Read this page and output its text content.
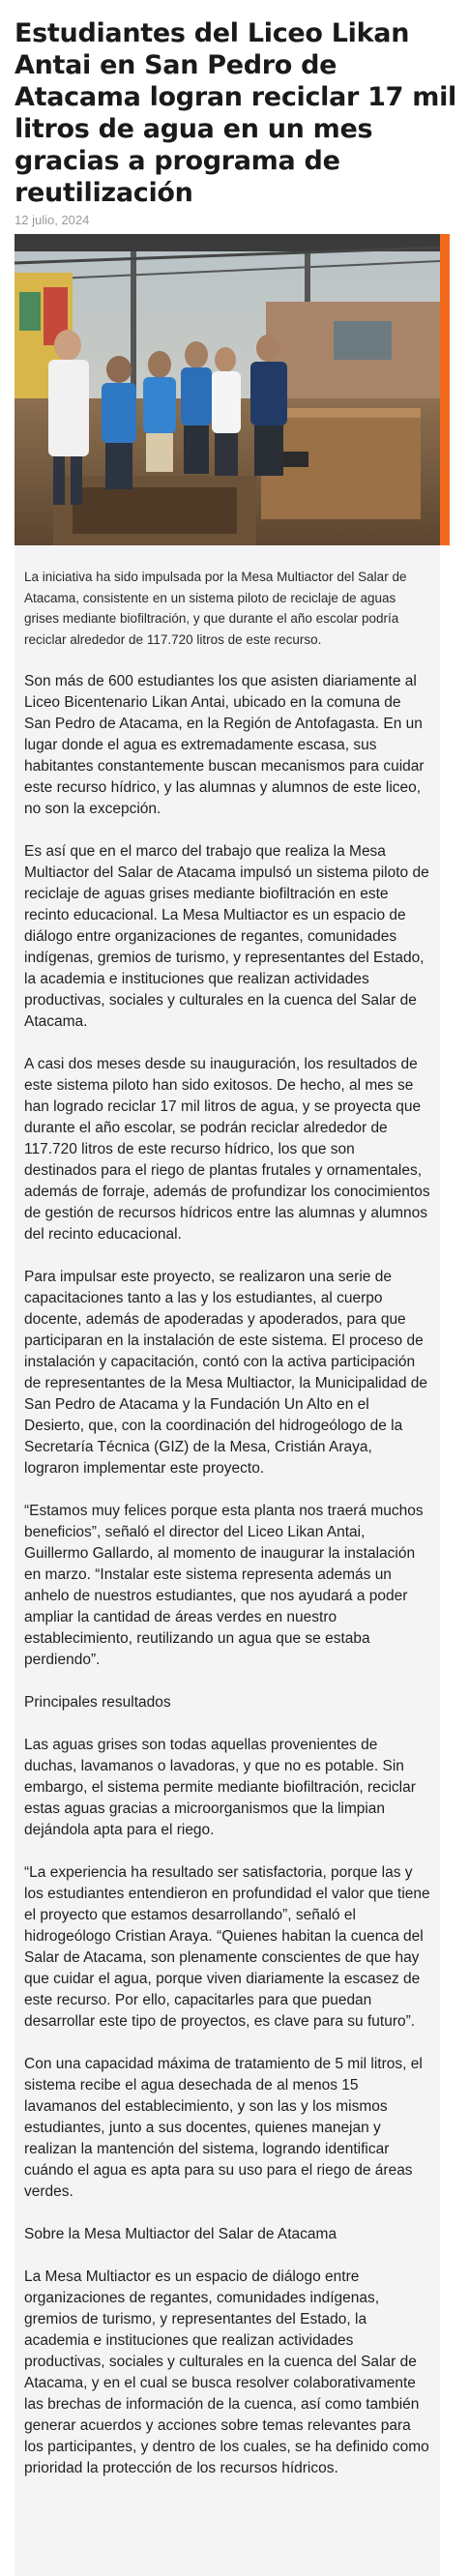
Estudiantes del Liceo Likan Antai en San Pedro de Atacama logran reciclar 17 mil litros de agua en un mes gracias a programa de reutilización
12 julio, 2024

La iniciativa ha sido impulsada por la Mesa Multiactor del Salar de Atacama, consistente en un sistema piloto de reciclaje de aguas grises mediante biofiltración, y que durante el año escolar podría reciclar alrededor de 117.720 litros de este recurso.

Son más de 600 estudiantes los que asisten diariamente al Liceo Bicentenario Likan Antai, ubicado en la comuna de San Pedro de Atacama, en la Región de Antofagasta. En un lugar donde el agua es extremadamente escasa, sus habitantes constantemente buscan mecanismos para cuidar este recurso hídrico, y las alumnas y alumnos de este liceo, no son la excepción.

Es así que en el marco del trabajo que realiza la Mesa Multiactor del Salar de Atacama impulsó un sistema piloto de reciclaje de aguas grises mediante biofiltración en este recinto educacional. La Mesa Multiactor es un espacio de diálogo entre organizaciones de regantes, comunidades indígenas, gremios de turismo, y representantes del Estado, la academia e instituciones que realizan actividades productivas, sociales y culturales en la cuenca del Salar de Atacama.

A casi dos meses desde su inauguración, los resultados de este sistema piloto han sido exitosos. De hecho, al mes se han logrado reciclar 17 mil litros de agua, y se proyecta que durante el año escolar, se podrán reciclar alrededor de 117.720 litros de este recurso hídrico, los que son destinados para el riego de plantas frutales y ornamentales, además de forraje, además de profundizar los conocimientos de gestión de recursos hídricos entre las alumnas y alumnos del recinto educacional.

Para impulsar este proyecto, se realizaron una serie de capacitaciones tanto a las y los estudiantes, al cuerpo docente, además de apoderadas y apoderados, para que participaran en la instalación de este sistema. El proceso de instalación y capacitación, contó con la activa participación de representantes de la Mesa Multiactor, la Municipalidad de San Pedro de Atacama y la Fundación Un Alto en el Desierto, que, con la coordinación del hidrogeólogo de la Secretaría Técnica (GIZ) de la Mesa, Cristián Araya, lograron implementar este proyecto.

“Estamos muy felices porque esta planta nos traerá muchos beneficios”, señaló el director del Liceo Likan Antai, Guillermo Gallardo, al momento de inaugurar la instalación en marzo. “Instalar este sistema representa además un anhelo de nuestros estudiantes, que nos ayudará a poder ampliar la cantidad de áreas verdes en nuestro establecimiento, reutilizando un agua que se estaba perdiendo”.

Principales resultados

Las aguas grises son todas aquellas provenientes de duchas, lavamanos o lavadoras, y que no es potable. Sin embargo, el sistema permite mediante biofiltración, reciclar estas aguas gracias a microorganismos que la limpian dejándola apta para el riego.

“La experiencia ha resultado ser satisfactoria, porque las y los estudiantes entendieron en profundidad el valor que tiene el proyecto que estamos desarrollando”, señaló el hidrogeólogo Cristian Araya. “Quienes habitan la cuenca del Salar de Atacama, son plenamente conscientes de que hay que cuidar el agua, porque viven diariamente la escasez de este recurso. Por ello, capacitarles para que puedan desarrollar este tipo de proyectos, es clave para su futuro”.

Con una capacidad máxima de tratamiento de 5 mil litros, el sistema recibe el agua desechada de al menos 15 lavamanos del establecimiento, y son las y los mismos estudiantes, junto a sus docentes, quienes manejan y realizan la mantención del sistema, logrando identificar cuándo el agua es apta para su uso para el riego de áreas verdes.

Sobre la Mesa Multiactor del Salar de Atacama

La Mesa Multiactor es un espacio de diálogo entre organizaciones de regantes, comunidades indígenas, gremios de turismo, y representantes del Estado, la academia e instituciones que realizan actividades productivas, sociales y culturales en la cuenca del Salar de Atacama, y en el cual se busca resolver colaborativamente las brechas de información de la cuenca, así como también generar acuerdos y acciones sobre temas relevantes para los participantes, y dentro de los cuales, se ha definido como prioridad la protección de los recursos hídricos.
